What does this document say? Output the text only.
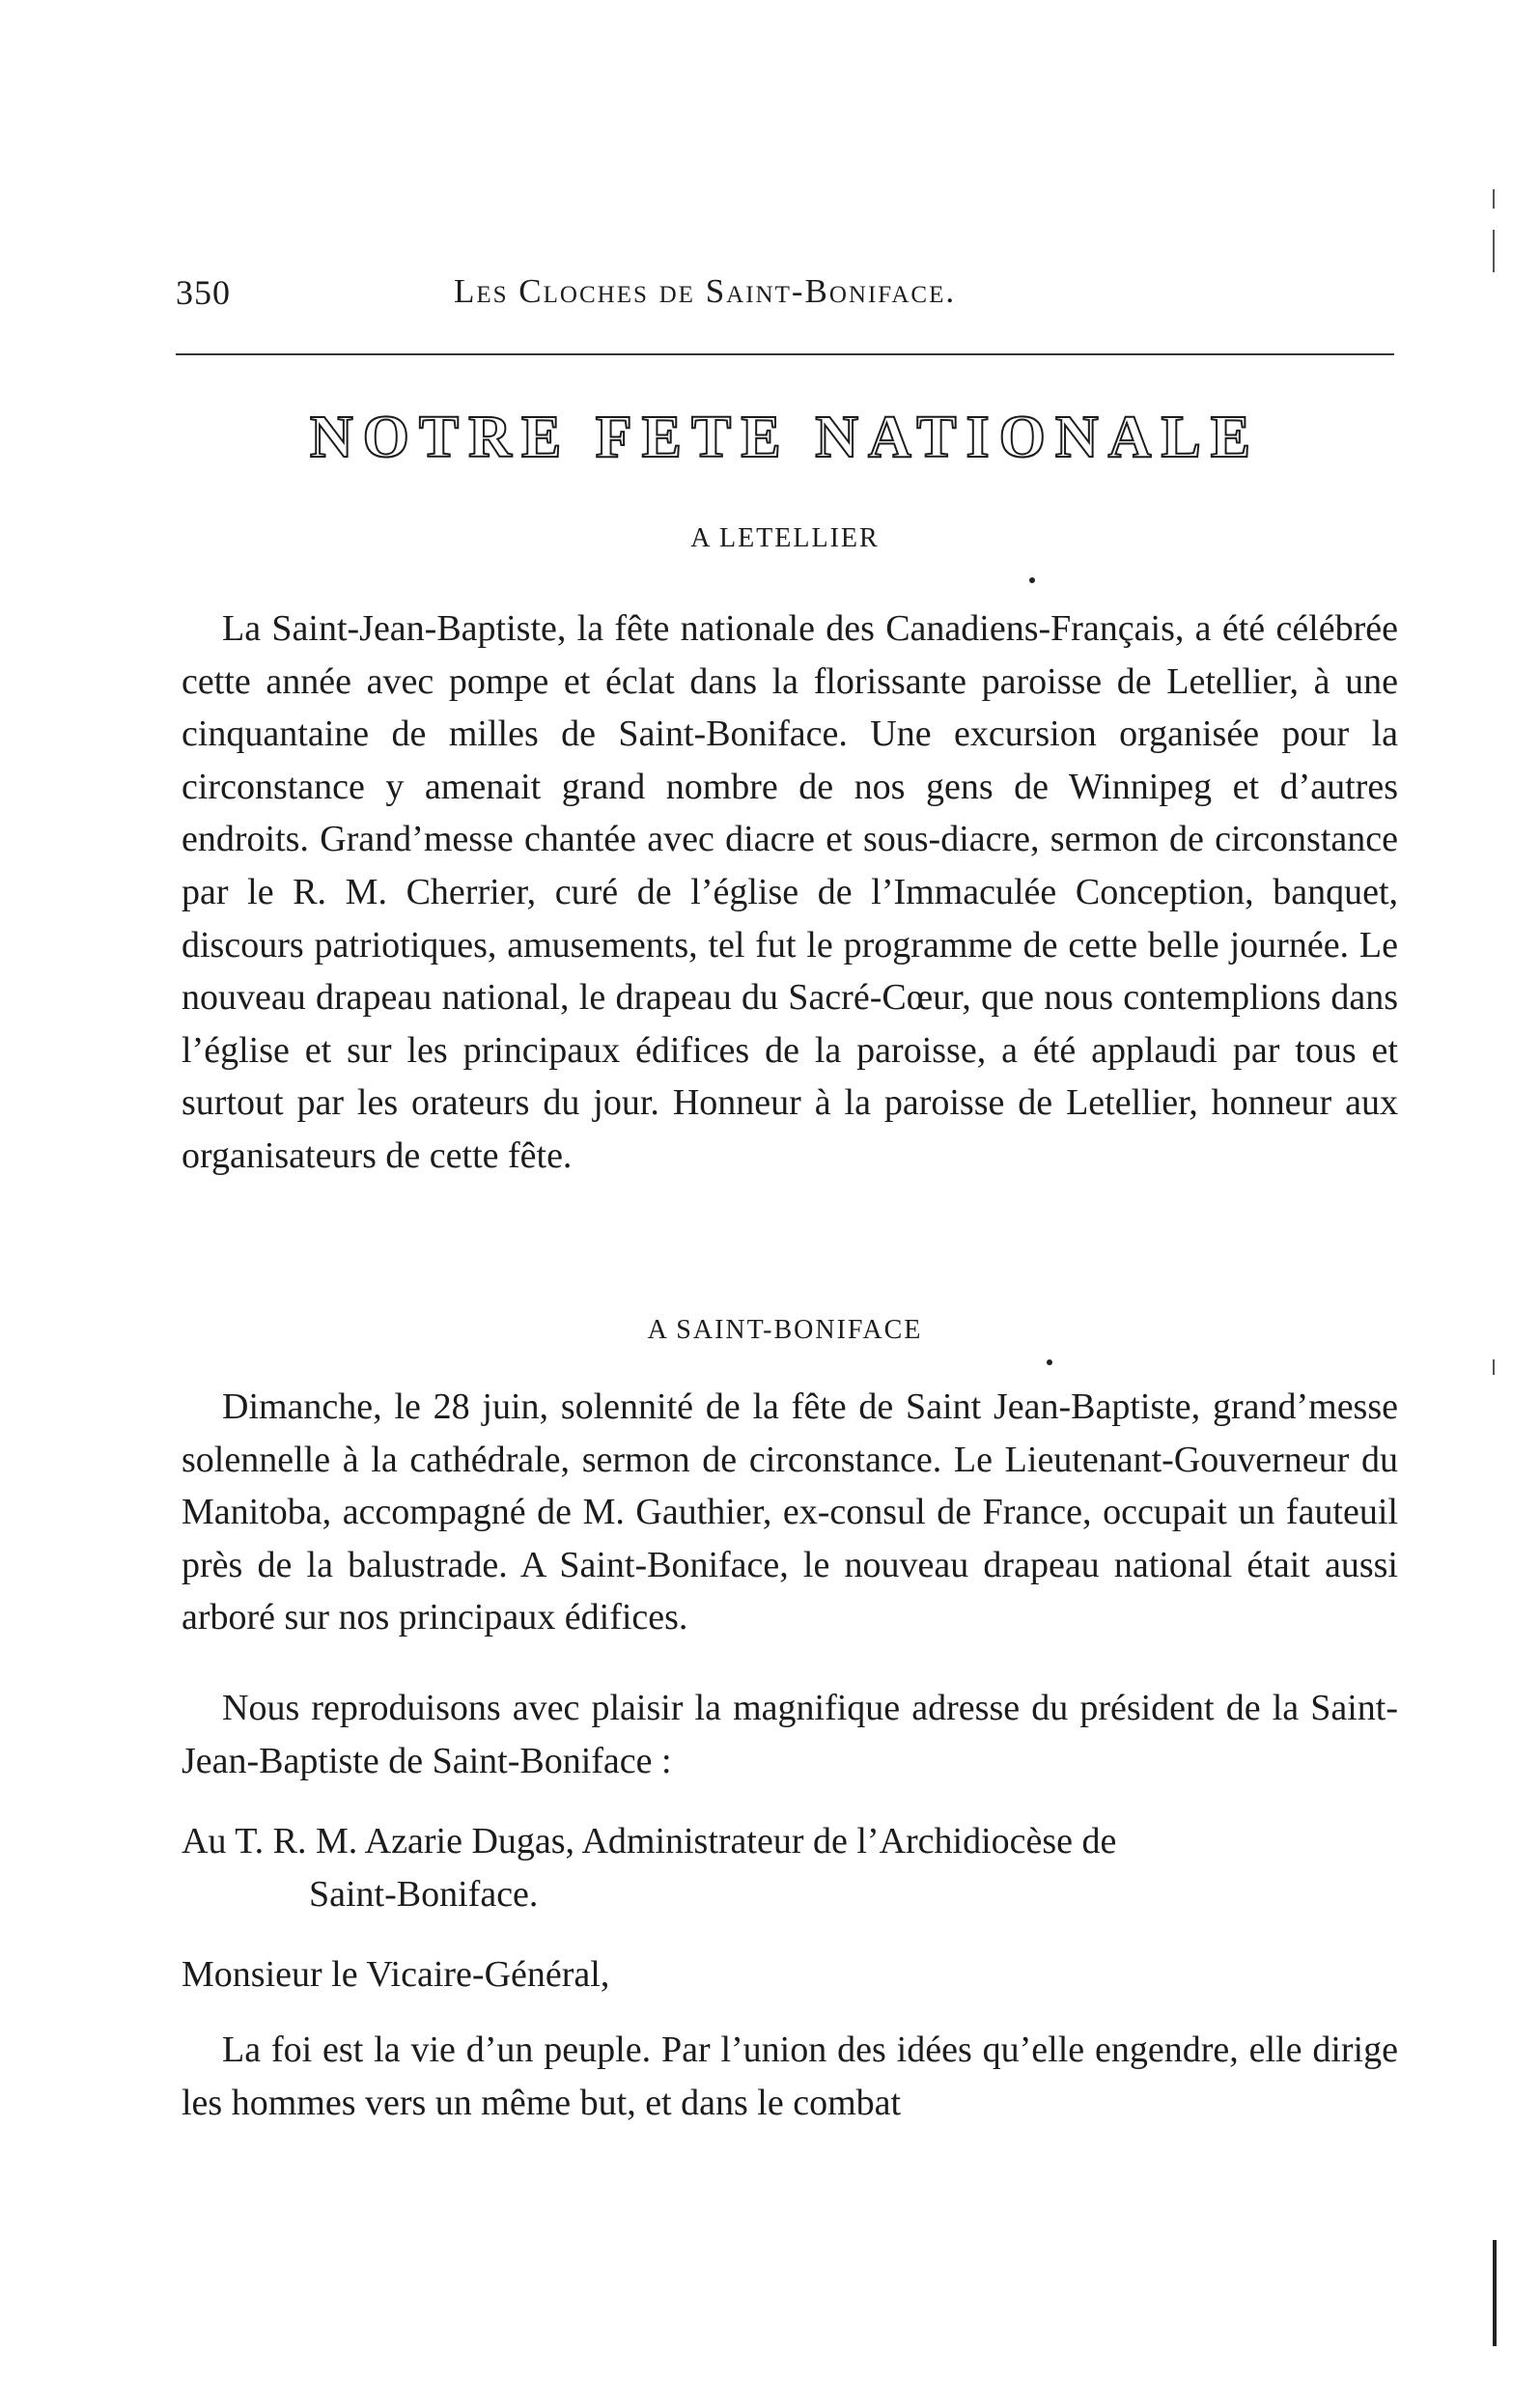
350	Les Cloches de Saint-Boniface.
NOTRE FETE NATIONALE
A LETELLIER

La Saint-Jean-Baptiste, la fête nationale des Canadiens-Français, a été célébrée cette année avec pompe et éclat dans la florissante paroisse de Letellier, à une cinquantaine de milles de Saint-Boniface. Une excursion organisée pour la circonstance y amenait grand nombre de nos gens de Winnipeg et d’autres endroits. Grand’messe chantée avec diacre et sous-diacre, sermon de circonstance par le R. M. Cherrier, curé de l’église de l’Immaculée Conception, banquet, discours patriotiques, amusements, tel fut le programme de cette belle journée. Le nouveau drapeau national, le drapeau du Sacré-Cœur, que nous contemplions dans l’église et sur les principaux édifices de la paroisse, a été applaudi par tous et surtout par les orateurs du jour. Honneur à la paroisse de Letellier, honneur aux organisateurs de cette fête.

A SAINT-BONIFACE

Dimanche, le 28 juin, solennité de la fête de Saint Jean-Baptiste, grand’messe solennelle à la cathédrale, sermon de circonstance. Le Lieutenant-Gouverneur du Manitoba, accompagné de M. Gauthier, ex-consul de France, occupait un fauteuil près de la balustrade. A Saint-Boniface, le nouveau drapeau national était aussi arboré sur nos principaux édifices.

Nous reproduisons avec plaisir la magnifique adresse du président de la Saint-Jean-Baptiste de Saint-Boniface :

Au T. R. M. Azarie Dugas, Administrateur de l’Archidiocèse de
Saint-Boniface.

Monsieur le Vicaire-Général,

La foi est la vie d’un peuple. Par l’union des idées qu’elle engendre, elle dirige les hommes vers un même but, et dans le combat
